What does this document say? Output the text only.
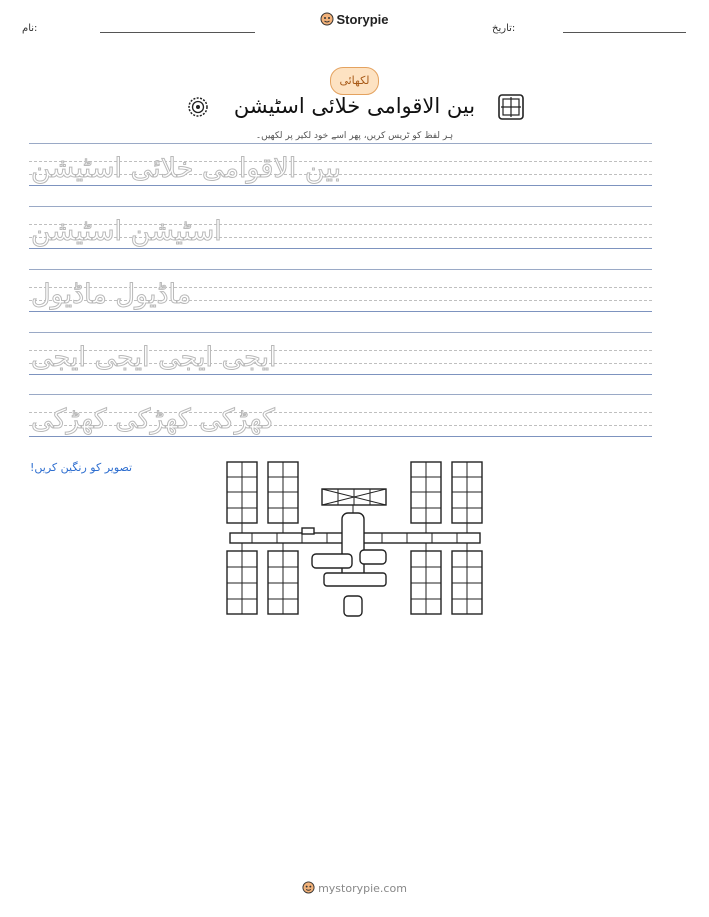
نام:
Storypie
تاریخ:
لکھائی
بین الاقوامی خلائی اسٹیشن
ہر لفظ کو ٹریس کریں، پھر اسے خود لکیر پر لکھیں۔
بین الاقوامی خلائی اسٹیشن
اسٹیشن اسٹیشن
ماڈیول ماڈیول
ایجی ایجی ایجی ایجی
کھڑکی کھڑکی کھڑکی
تصویر کو رنگین کریں!
mystorypie.com
